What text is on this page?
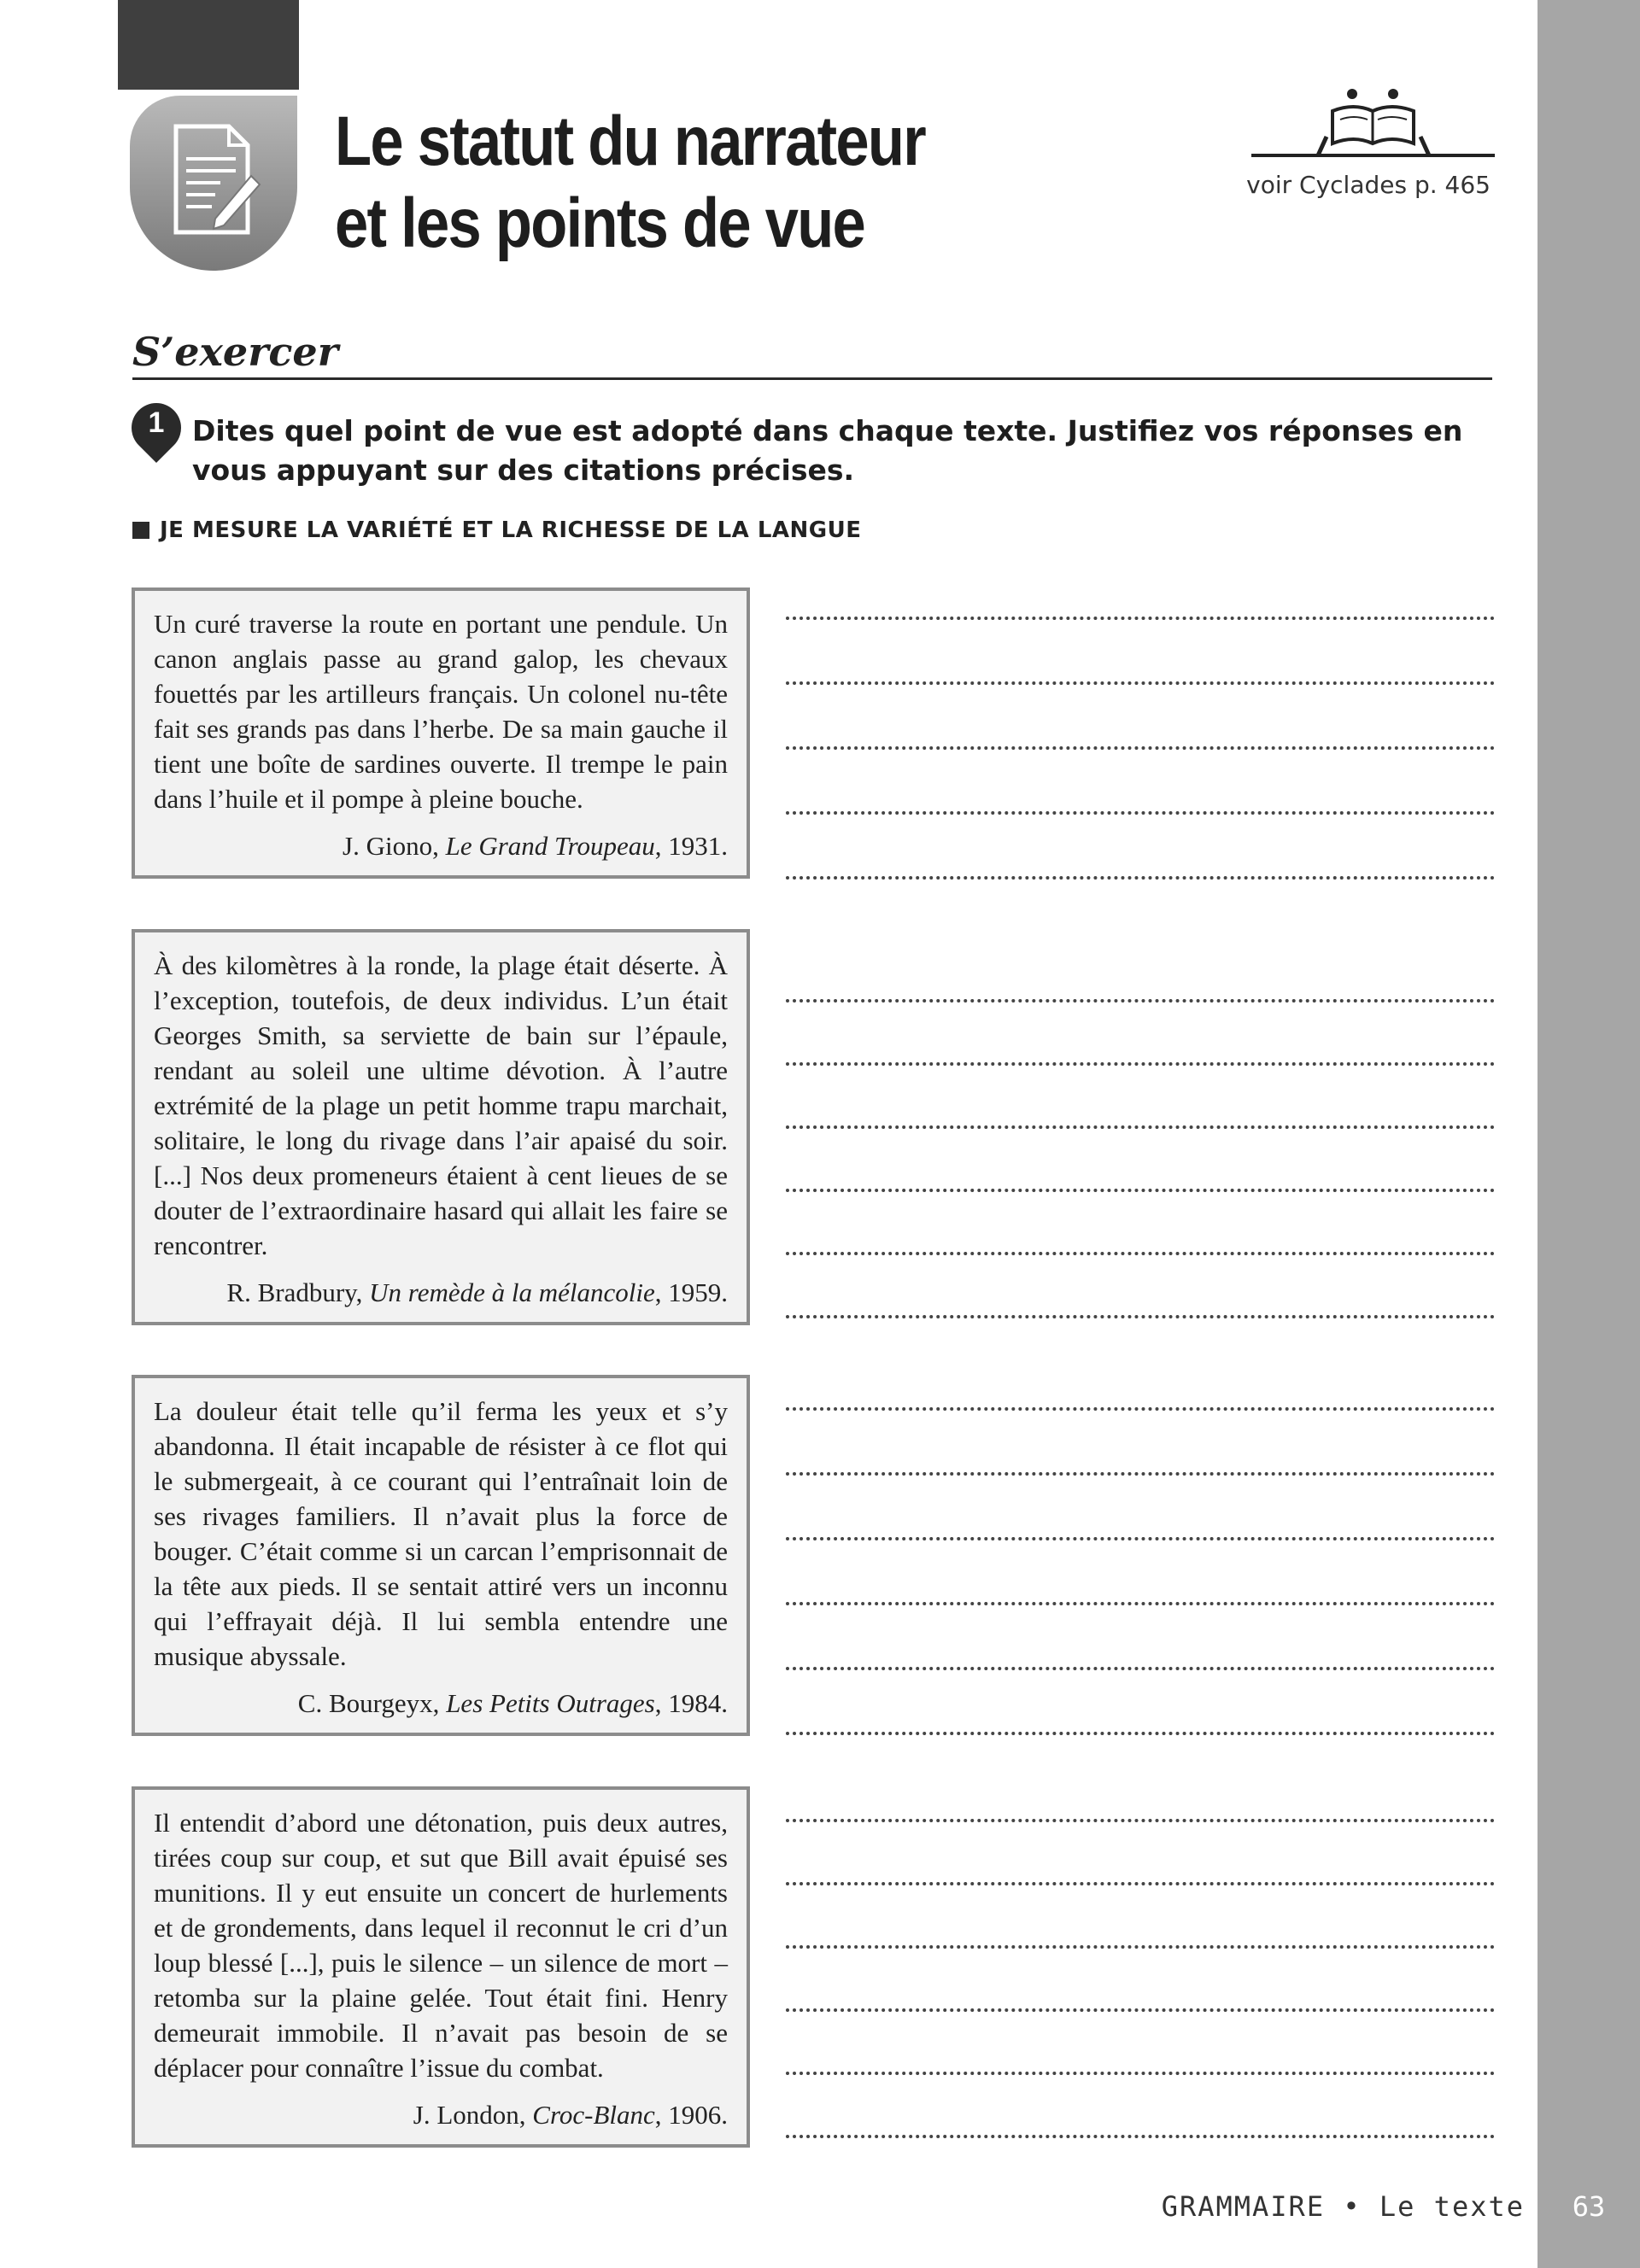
Le statut du narrateur
et les points de vue	voir Cyclades p. 465
S’exercer
1 Dites quel point de vue est adopté dans chaque texte. Justifiez vos réponses en vous appuyant sur des citations précises.
JE MESURE LA VARIÉTÉ ET LA RICHESSE DE LA LANGUE
Un curé traverse la route en portant une pendule. Un canon anglais passe au grand galop, les chevaux fouettés par les artilleurs français. Un colonel nu-tête fait ses grands pas dans l’herbe. De sa main gauche il tient une boîte de sardines ouverte. Il trempe le pain dans l’huile et il pompe à pleine bouche.
J. Giono, Le Grand Troupeau, 1931.
À des kilomètres à la ronde, la plage était déserte. À l’exception, toutefois, de deux individus. L’un était Georges Smith, sa serviette de bain sur l’épaule, rendant au soleil une ultime dévotion. À l’autre extrémité de la plage un petit homme trapu marchait, solitaire, le long du rivage dans l’air apaisé du soir. [...] Nos deux promeneurs étaient à cent lieues de se douter de l’extraordinaire hasard qui allait les faire se rencontrer.
R. Bradbury, Un remède à la mélancolie, 1959.
La douleur était telle qu’il ferma les yeux et s’y abandonna. Il était incapable de résister à ce flot qui le submergeait, à ce courant qui l’entraînait loin de ses rivages familiers. Il n’avait plus la force de bouger. C’était comme si un carcan l’emprisonnait de la tête aux pieds. Il se sentait attiré vers un inconnu qui l’effrayait déjà. Il lui sembla entendre une musique abyssale.
C. Bourgeyx, Les Petits Outrages, 1984.
Il entendit d’abord une détonation, puis deux autres, tirées coup sur coup, et sut que Bill avait épuisé ses munitions. Il y eut ensuite un concert de hurlements et de grondements, dans lequel il reconnut le cri d’un loup blessé [...], puis le silence – un silence de mort – retomba sur la plaine gelée. Tout était fini. Henry demeurait immobile. Il n’avait pas besoin de se déplacer pour connaître l’issue du combat.
J. London, Croc-Blanc, 1906.
GRAMMAIRE • Le texte	63
